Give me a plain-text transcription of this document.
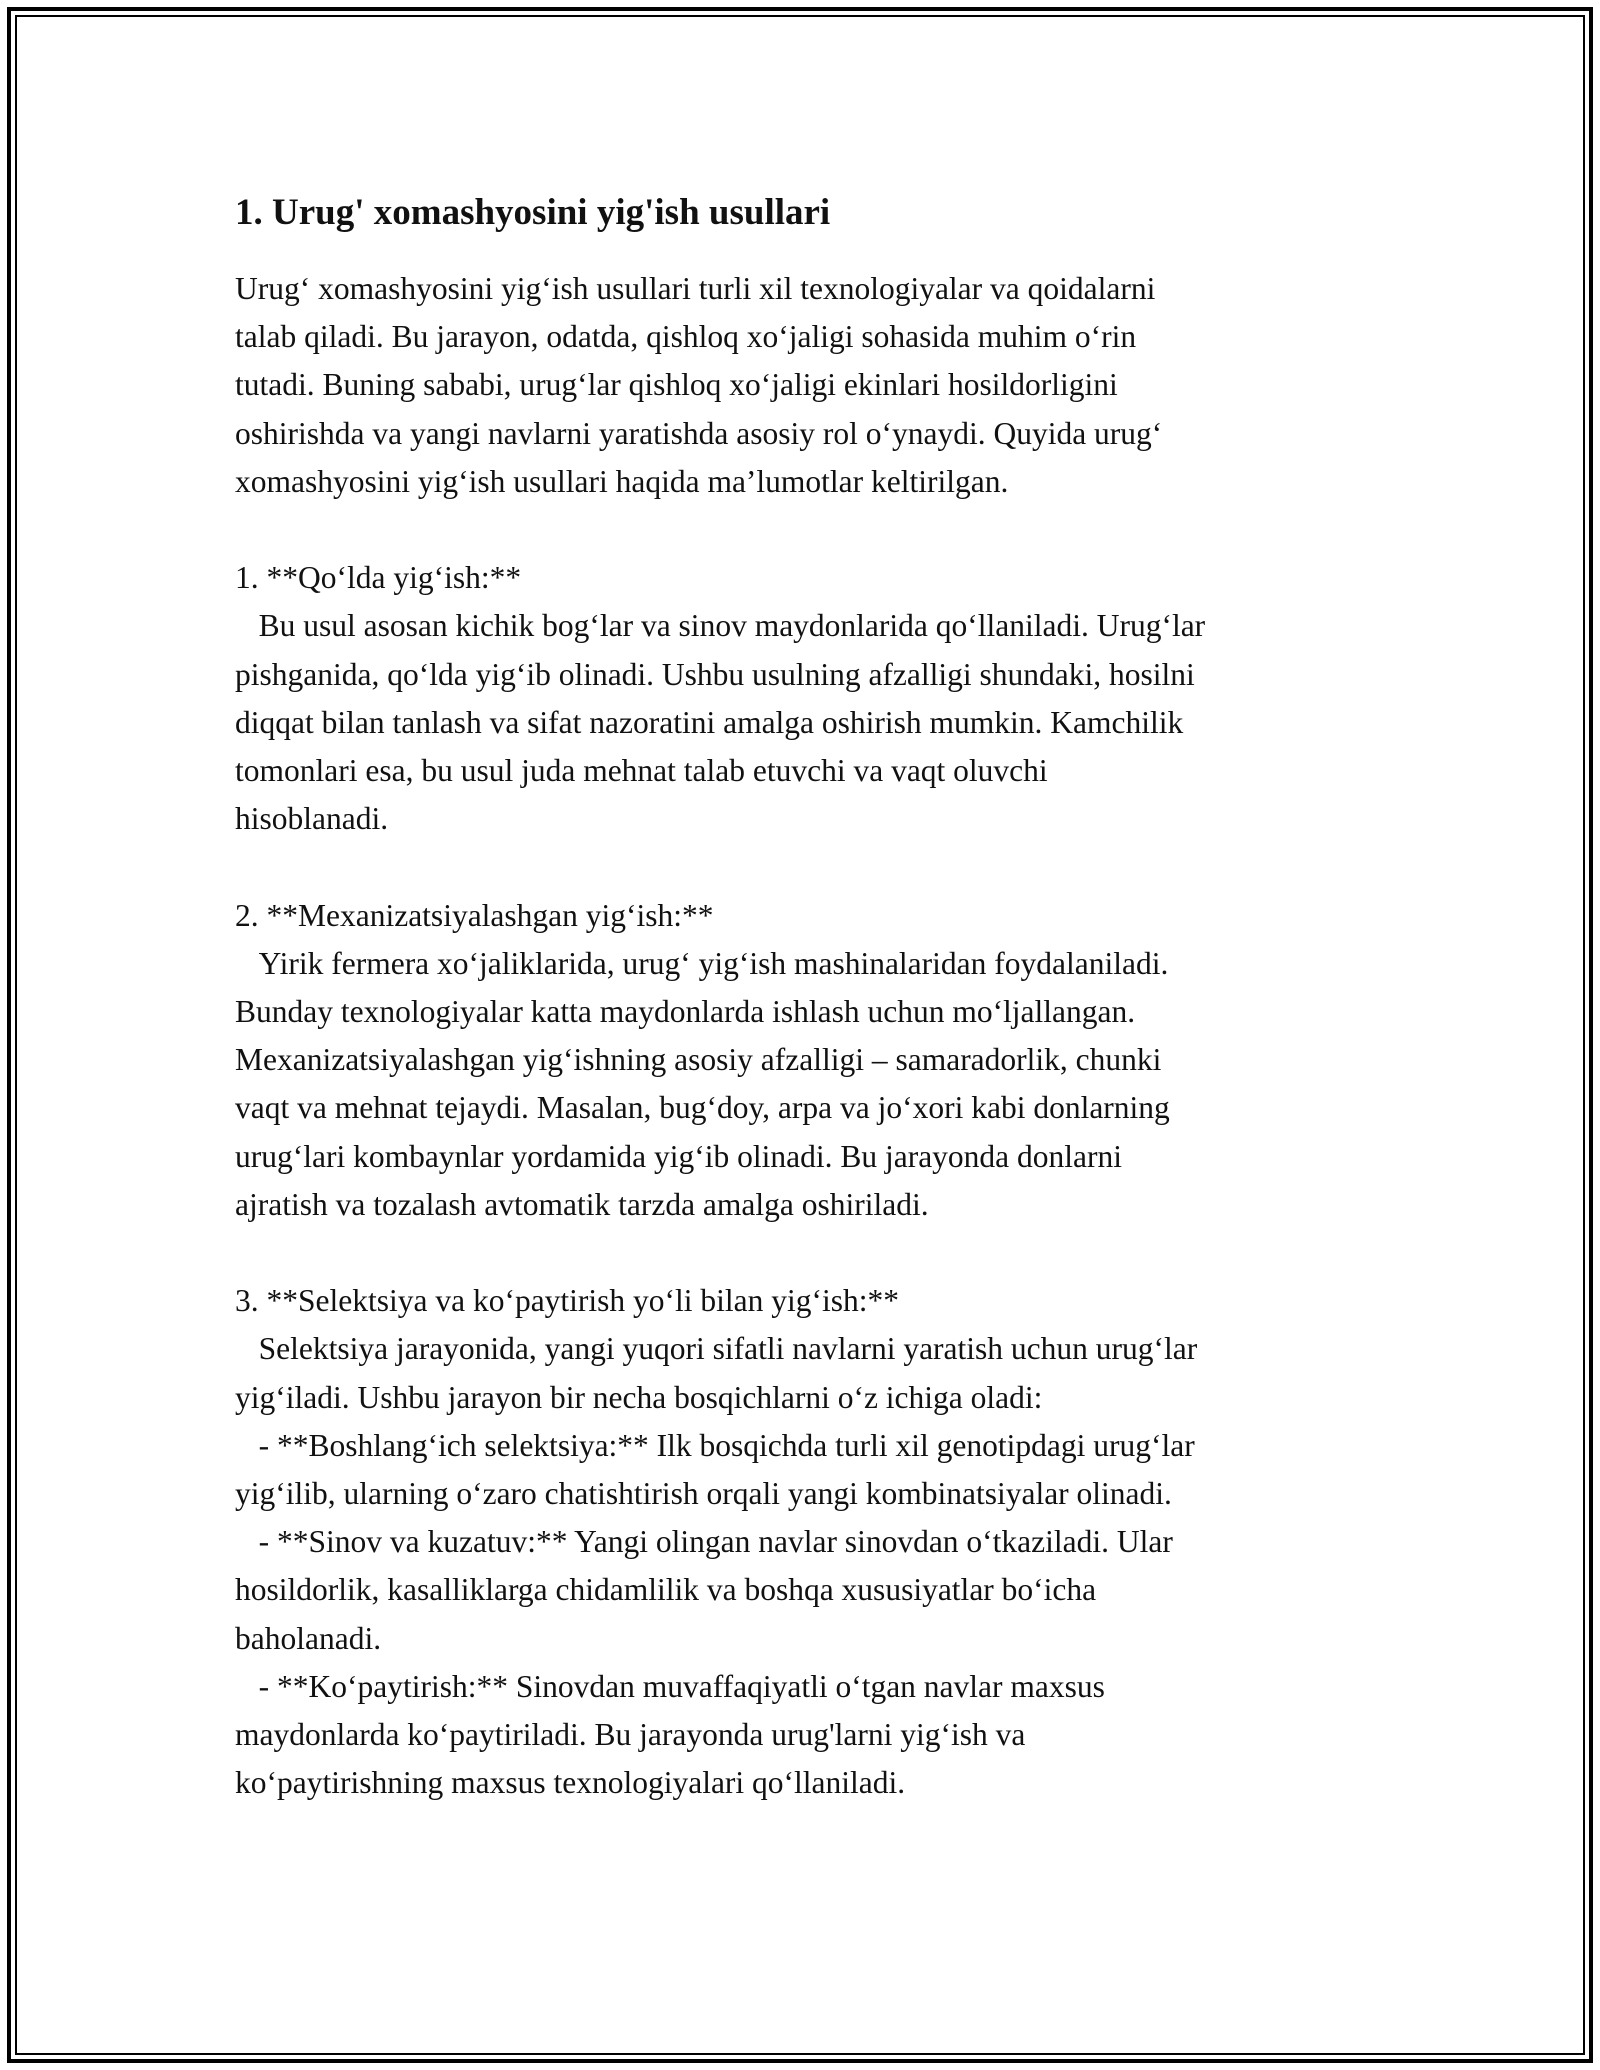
1. Urug' xomashyosini yig'ish usullari

Urug‘ xomashyosini yig‘ish usullari turli xil texnologiyalar va qoidalarni
talab qiladi. Bu jarayon, odatda, qishloq xo‘jaligi sohasida muhim o‘rin
tutadi. Buning sababi, urug‘lar qishloq xo‘jaligi ekinlari hosildorligini
oshirishda va yangi navlarni yaratishda asosiy rol o‘ynaydi. Quyida urug‘
xomashyosini yig‘ish usullari haqida ma’lumotlar keltirilgan.

1. **Qo‘lda yig‘ish:**
Bu usul asosan kichik bog‘lar va sinov maydonlarida qo‘llaniladi. Urug‘lar
pishganida, qo‘lda yig‘ib olinadi. Ushbu usulning afzalligi shundaki, hosilni
diqqat bilan tanlash va sifat nazoratini amalga oshirish mumkin. Kamchilik
tomonlari esa, bu usul juda mehnat talab etuvchi va vaqt oluvchi
hisoblanadi.

2. **Mexanizatsiyalashgan yig‘ish:**
Yirik fermera xo‘jaliklarida, urug‘ yig‘ish mashinalaridan foydalaniladi.
Bunday texnologiyalar katta maydonlarda ishlash uchun mo‘ljallangan.
Mexanizatsiyalashgan yig‘ishning asosiy afzalligi – samaradorlik, chunki
vaqt va mehnat tejaydi. Masalan, bug‘doy, arpa va jo‘xori kabi donlarning
urug‘lari kombaynlar yordamida yig‘ib olinadi. Bu jarayonda donlarni
ajratish va tozalash avtomatik tarzda amalga oshiriladi.

3. **Selektsiya va ko‘paytirish yo‘li bilan yig‘ish:**
Selektsiya jarayonida, yangi yuqori sifatli navlarni yaratish uchun urug‘lar
yig‘iladi. Ushbu jarayon bir necha bosqichlarni o‘z ichiga oladi:
- **Boshlang‘ich selektsiya:** Ilk bosqichda turli xil genotipdagi urug‘lar
yig‘ilib, ularning o‘zaro chatishtirish orqali yangi kombinatsiyalar olinadi.
- **Sinov va kuzatuv:** Yangi olingan navlar sinovdan o‘tkaziladi. Ular
hosildorlik, kasalliklarga chidamlilik va boshqa xususiyatlar bo‘icha
baholanadi.
- **Ko‘paytirish:** Sinovdan muvaffaqiyatli o‘tgan navlar maxsus
maydonlarda ko‘paytiriladi. Bu jarayonda urug'larni yig‘ish va
ko‘paytirishning maxsus texnologiyalari qo‘llaniladi.
